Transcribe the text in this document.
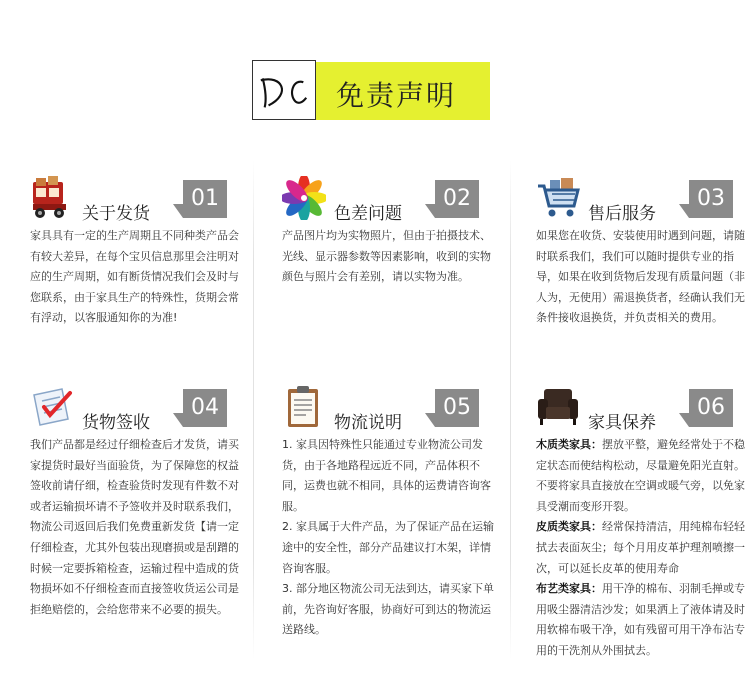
免责声明
关于发货
01

家具具有一定的生产周期且不同种类产品会有较大差异，在每个宝贝信息那里会注明对应的生产周期，如有断货情况我们会及时与您联系，由于家具生产的特殊性，货期会常有浮动，以客服通知你的为准!

色差问题
02

产品图片均为实物照片，但由于拍摄技术、光线、显示器参数等因素影响，收到的实物颜色与照片会有差别，请以实物为准。

售后服务
03

如果您在收货、安装使用时遇到问题，请随时联系我们，我们可以随时提供专业的指导，如果在收到货物后发现有质量问题（非人为，无使用）需退换货者，经确认我们无条件接收退换货，并负责相关的费用。

货物签收
04

我们产品都是经过仔细检查后才发货，请买家提货时最好当面验货，为了保障您的权益签收前请仔细，检查验货时发现有件数不对或者运输损坏请不予签收并及时联系我们，物流公司返回后我们免费重新发货【请一定仔细检查，尤其外包装出现磨损或是刮蹭的时候一定要拆箱检查，运输过程中造成的货物损坏如不仔细检查而直接签收货运公司是拒绝赔偿的，会给您带来不必要的损失。

物流说明
05

1. 家具因特殊性只能通过专业物流公司发货，由于各地路程远近不同，产品体积不同，运费也就不相同，具体的运费请咨询客服。

2. 家具属于大件产品，为了保证产品在运输途中的安全性，部分产品建议打木架，详情咨询客服。

3. 部分地区物流公司无法到达，请买家下单前，先咨询好客服，协商好可到达的物流运送路线。

家具保养
06

木质类家具：摆放平整，避免经常处于不稳定状态而使结构松动，尽量避免阳光直射。不要将家具直接放在空调或暖气旁，以免家具受潮而变形开裂。

皮质类家具：经常保持清洁，用纯棉布轻轻拭去表面灰尘；每个月用皮革护理剂喷擦一次，可以延长皮革的使用寿命

布艺类家具：用干净的棉布、羽制毛掸或专用吸尘器清洁沙发；如果洒上了液体请及时用软棉布吸干净，如有残留可用干净布沾专用的干洗剂从外围拭去。
